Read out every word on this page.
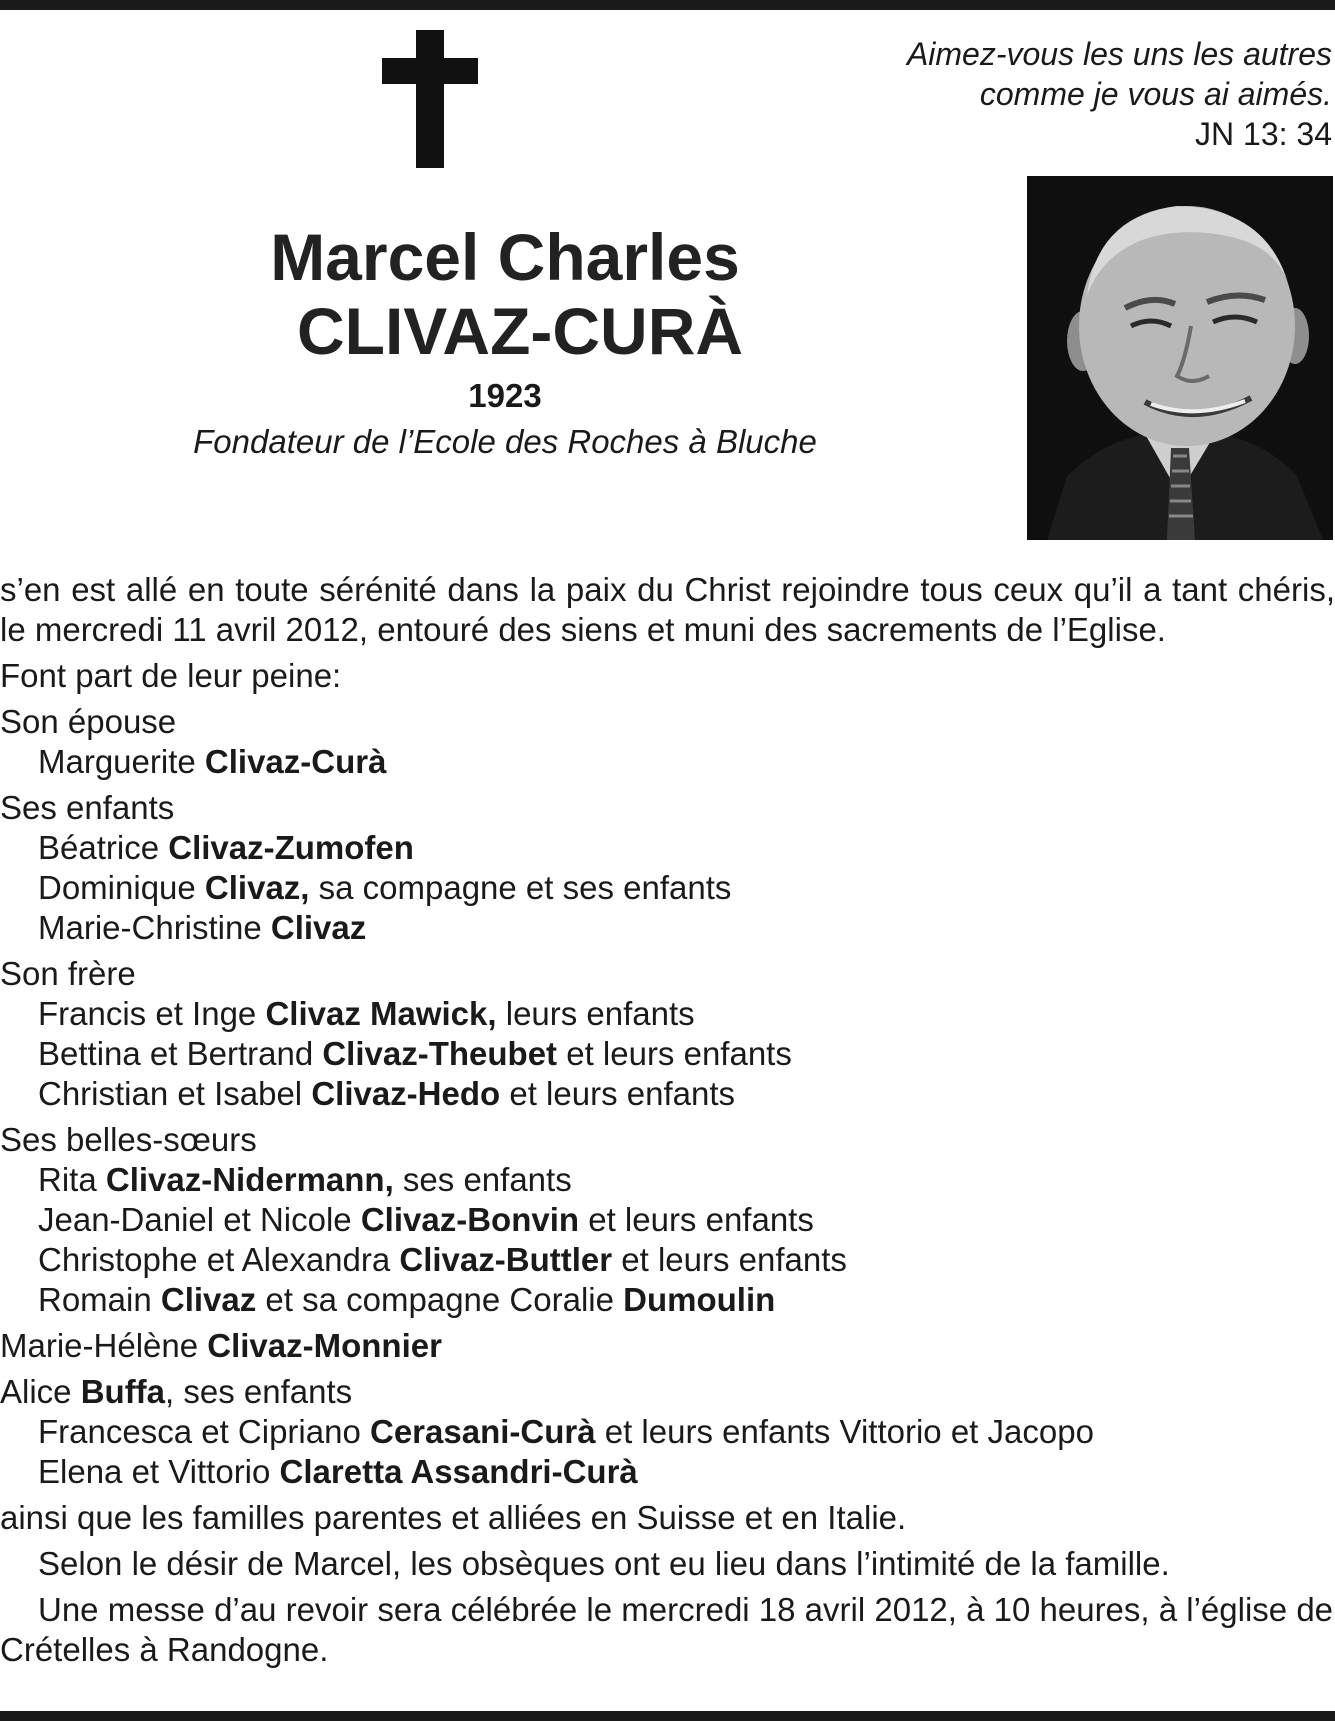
Aimez-vous les uns les autres
comme je vous ai aimés.
JN 13: 34
Marcel Charles
CLIVAZ-CURÀ
1923
Fondateur de l’Ecole des Roches à Bluche

s’en est allé en toute sérénité dans la paix du Christ rejoindre tous ceux qu’il a tant chéris, le mercredi 11 avril 2012, entouré des siens et muni des sacrements de l’Eglise.

Font part de leur peine:
Son épouse
Marguerite Clivaz-Curà
Ses enfants
Béatrice Clivaz-Zumofen
Dominique Clivaz, sa compagne et ses enfants
Marie-Christine Clivaz
Son frère
Francis et Inge Clivaz Mawick, leurs enfants
Bettina et Bertrand Clivaz-Theubet et leurs enfants
Christian et Isabel Clivaz-Hedo et leurs enfants
Ses belles-sœurs
Rita Clivaz-Nidermann, ses enfants
Jean-Daniel et Nicole Clivaz-Bonvin et leurs enfants
Christophe et Alexandra Clivaz-Buttler et leurs enfants
Romain Clivaz et sa compagne Coralie Dumoulin
Marie-Hélène Clivaz-Monnier
Alice Buffa, ses enfants
Francesca et Cipriano Cerasani-Curà et leurs enfants Vittorio et Jacopo
Elena et Vittorio Claretta Assandri-Curà
ainsi que les familles parentes et alliées en Suisse et en Italie.

Selon le désir de Marcel, les obsèques ont eu lieu dans l’intimité de la famille.

Une messe d’au revoir sera célébrée le mercredi 18 avril 2012, à 10 heures, à l’église de Crételles à Randogne.
